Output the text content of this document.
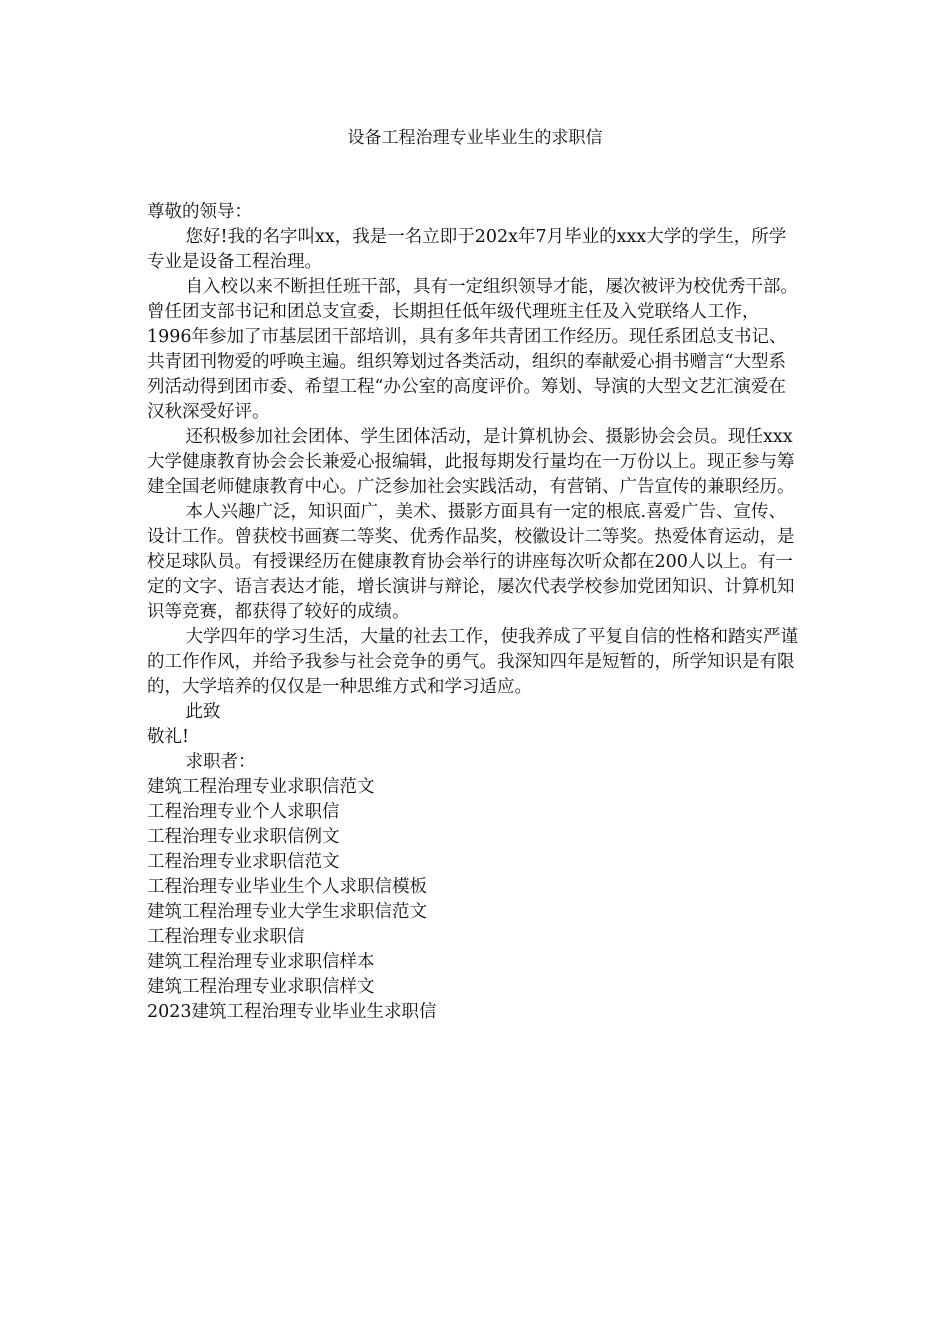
设备工程治理专业毕业生的求职信

尊敬的领导：

您好!我的名字叫xx，我是一名立即于202x年7月毕业的xxx大学的学生，所学专业是设备工程治理。

自入校以来不断担任班干部，具有一定组织领导才能，屡次被评为校优秀干部。曾任团支部书记和团总支宣委，长期担任低年级代理班主任及入党联络人工作，1996年参加了市基层团干部培训，具有多年共青团工作经历。现任系团总支书记、共青团刊物爱的呼唤主遍。组织筹划过各类活动，组织的奉献爱心捐书赠言“大型系列活动得到团市委、希望工程“办公室的高度评价。筹划、导演的大型文艺汇演爱在汉秋深受好评。

还积极参加社会团体、学生团体活动，是计算机协会、摄影协会会员。现任xxx大学健康教育协会会长兼爱心报编辑，此报每期发行量均在一万份以上。现正参与筹建全国老师健康教育中心。广泛参加社会实践活动，有营销、广告宣传的兼职经历。

本人兴趣广泛，知识面广，美术、摄影方面具有一定的根底.喜爱广告、宣传、设计工作。曾获校书画赛二等奖、优秀作品奖，校徽设计二等奖。热爱体育运动，是校足球队员。有授课经历在健康教育协会举行的讲座每次听众都在200人以上。有一定的文字、语言表达才能，增长演讲与辩论，屡次代表学校参加党团知识、计算机知识等竞赛，都获得了较好的成绩。

大学四年的学习生活，大量的社去工作，使我养成了平复自信的性格和踏实严谨的工作作风，并给予我参与社会竞争的勇气。我深知四年是短暂的，所学知识是有限的，大学培养的仅仅是一种思维方式和学习适应。

此致

敬礼!

求职者：

建筑工程治理专业求职信范文
工程治理专业个人求职信
工程治理专业求职信例文
工程治理专业求职信范文
工程治理专业毕业生个人求职信模板
建筑工程治理专业大学生求职信范文
工程治理专业求职信
建筑工程治理专业求职信样本
建筑工程治理专业求职信样文
2023建筑工程治理专业毕业生求职信
